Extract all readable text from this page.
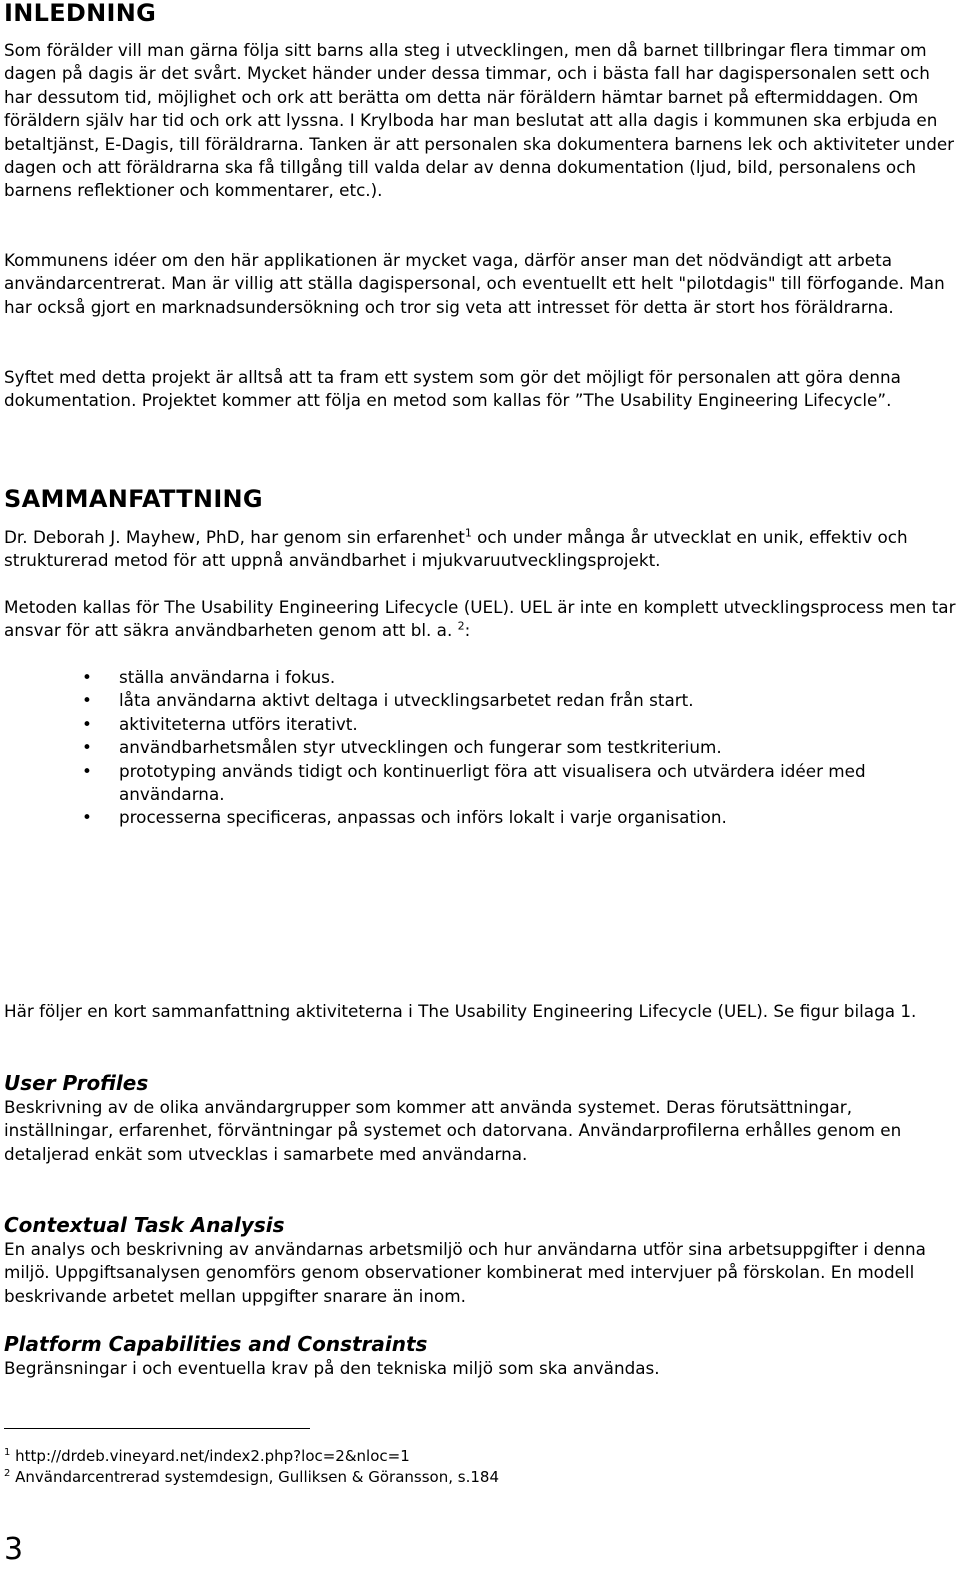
INLEDNING

Som förälder vill man gärna följa sitt barns alla steg i utvecklingen, men då barnet tillbringar flera timmar om dagen på dagis är det svårt. Mycket händer under dessa timmar, och i bästa fall har dagispersonalen sett och har dessutom tid, möjlighet och ork att berätta om detta när föräldern hämtar barnet på eftermiddagen. Om föräldern själv har tid och ork att lyssna. I Krylboda har man beslutat att alla dagis i kommunen ska erbjuda en betaltjänst, E-Dagis, till föräldrarna. Tanken är att personalen ska dokumentera barnens lek och aktiviteter under dagen och att föräldrarna ska få tillgång till valda delar av denna dokumentation (ljud, bild, personalens och barnens reflektioner och kommentarer, etc.).

Kommunens idéer om den här applikationen är mycket vaga, därför anser man det nödvändigt att arbeta användarcentrerat. Man är villig att ställa dagispersonal, och eventuellt ett helt "pilotdagis" till förfogande. Man har också gjort en marknadsundersökning och tror sig veta att intresset för detta är stort hos föräldrarna.

Syftet med detta projekt är alltså att ta fram ett system som gör det möjligt för personalen att göra denna dokumentation. Projektet kommer att följa en metod som kallas för ”The Usability Engineering Lifecycle”.

SAMMANFATTNING

Dr. Deborah J. Mayhew, PhD, har genom sin erfarenhet$^1$ och under många år utvecklat en unik, effektiv och strukturerad metod för att uppnå användbarhet i mjukvaruutvecklingsprojekt.

Metoden kallas för The Usability Engineering Lifecycle (UEL). UEL är inte en komplett utvecklingsprocess men tar ansvar för att säkra användbarheten genom att bl. a. $^2$:

• ställa användarna i fokus.
• låta användarna aktivt deltaga i utvecklingsarbetet redan från start.
• aktiviteterna utförs iterativt.
• användbarhetsmålen styr utvecklingen och fungerar som testkriterium.
• prototyping används tidigt och kontinuerligt föra att visualisera och utvärdera idéer med användarna.
• processerna specificeras, anpassas och införs lokalt i varje organisation.

Här följer en kort sammanfattning aktiviteterna i The Usability Engineering Lifecycle (UEL). Se figur bilaga 1.

User Profiles

Beskrivning av de olika användargrupper som kommer att använda systemet. Deras förutsättningar, inställningar, erfarenhet, förväntningar på systemet och datorvana. Användarprofilerna erhålles genom en detaljerad enkät som utvecklas i samarbete med användarna.

Contextual Task Analysis

En analys och beskrivning av användarnas arbetsmiljö och hur användarna utför sina arbetsuppgifter i denna miljö. Uppgiftsanalysen genomförs genom observationer kombinerat med intervjuer på förskolan. En modell beskrivande arbetet mellan uppgifter snarare än inom.

Platform Capabilities and Constraints

Begränsningar i och eventuella krav på den tekniska miljö som ska användas.

$^1$ http://drdeb.vineyard.net/index2.php?loc=2&nloc=1
$^2$ Användarcentrerad systemdesign, Gulliksen & Göransson, s.184
3
